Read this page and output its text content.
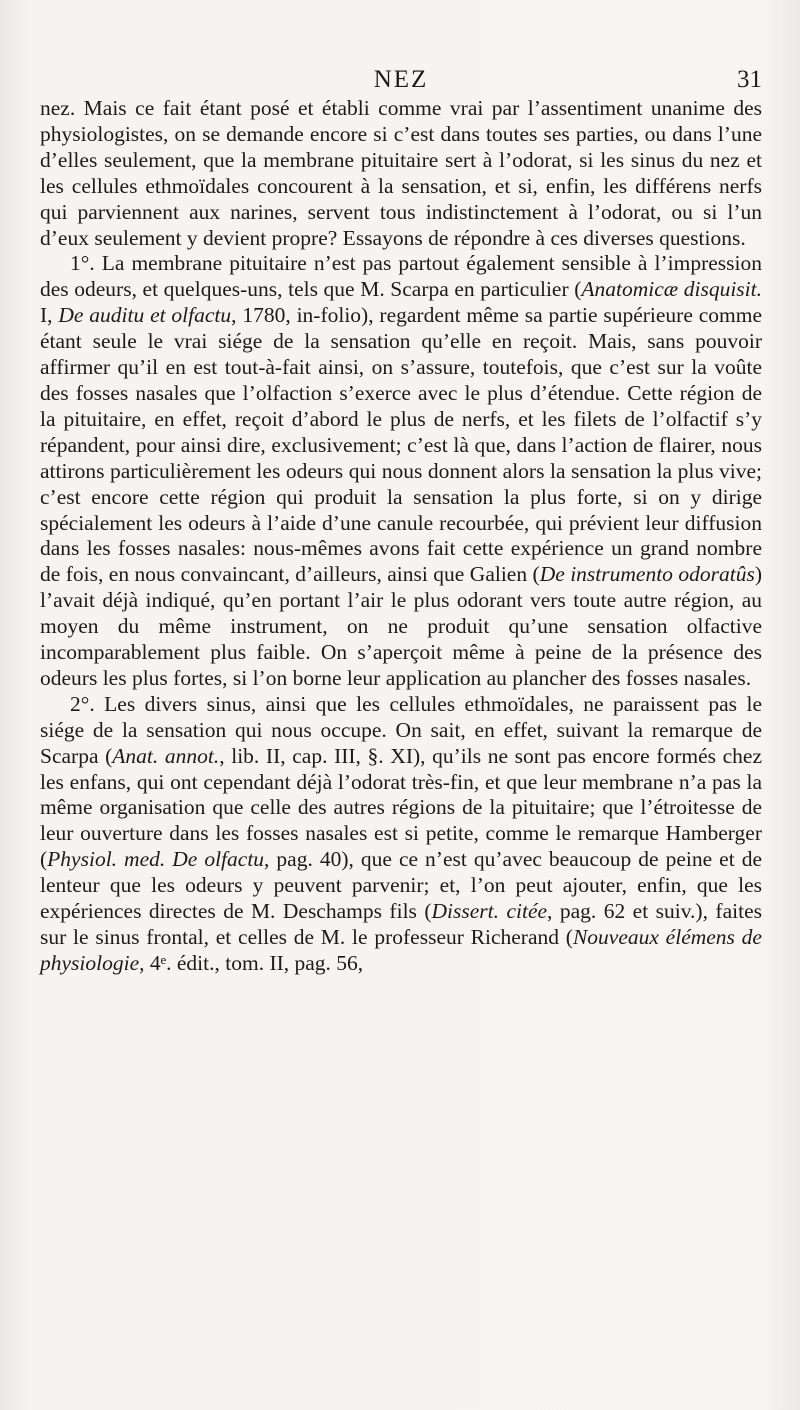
NEZ	31

nez. Mais ce fait étant posé et établi comme vrai par l’assentiment unanime des physiologistes, on se demande encore si c’est dans toutes ses parties, ou dans l’une d’elles seulement, que la membrane pituitaire sert à l’odorat, si les sinus du nez et les cellules ethmoïdales concourent à la sensation, et si, enfin, les différens nerfs qui parviennent aux narines, servent tous indistinctement à l’odorat, ou si l’un d’eux seulement y devient propre? Essayons de répondre à ces diverses questions.

1°. La membrane pituitaire n’est pas partout également sensible à l’impression des odeurs, et quelques-uns, tels que M. Scarpa en particulier (Anatomicæ disquisit. I, De auditu et olfactu, 1780, in-folio), regardent même sa partie supérieure comme étant seule le vrai siége de la sensation qu’elle en reçoit. Mais, sans pouvoir affirmer qu’il en est tout-à-fait ainsi, on s’assure, toutefois, que c’est sur la voûte des fosses nasales que l’olfaction s’exerce avec le plus d’étendue. Cette région de la pituitaire, en effet, reçoit d’abord le plus de nerfs, et les filets de l’olfactif s’y répandent, pour ainsi dire, exclusivement; c’est là que, dans l’action de flairer, nous attirons particulièrement les odeurs qui nous donnent alors la sensation la plus vive; c’est encore cette région qui produit la sensation la plus forte, si on y dirige spécialement les odeurs à l’aide d’une canule recourbée, qui prévient leur diffusion dans les fosses nasales: nous-mêmes avons fait cette expérience un grand nombre de fois, en nous convaincant, d’ailleurs, ainsi que Galien (De instrumento odoratûs) l’avait déjà indiqué, qu’en portant l’air le plus odorant vers toute autre région, au moyen du même instrument, on ne produit qu’une sensation olfactive incomparablement plus faible. On s’aperçoit même à peine de la présence des odeurs les plus fortes, si l’on borne leur application au plancher des fosses nasales.

2°. Les divers sinus, ainsi que les cellules ethmoïdales, ne paraissent pas le siége de la sensation qui nous occupe. On sait, en effet, suivant la remarque de Scarpa (Anat. annot., lib. II, cap. III, §. XI), qu’ils ne sont pas encore formés chez les enfans, qui ont cependant déjà l’odorat très-fin, et que leur membrane n’a pas la même organisation que celle des autres régions de la pituitaire; que l’étroitesse de leur ouverture dans les fosses nasales est si petite, comme le remarque Hamberger (Physiol. med. De olfactu, pag. 40), que ce n’est qu’avec beaucoup de peine et de lenteur que les odeurs y peuvent parvenir; et, l’on peut ajouter, enfin, que les expériences directes de M. Deschamps fils (Dissert. citée, pag. 62 et suiv.), faites sur le sinus frontal, et celles de M. le professeur Richerand (Nouveaux élémens de physiologie, 4ᵉ. édit., tom. II, pag. 56,
